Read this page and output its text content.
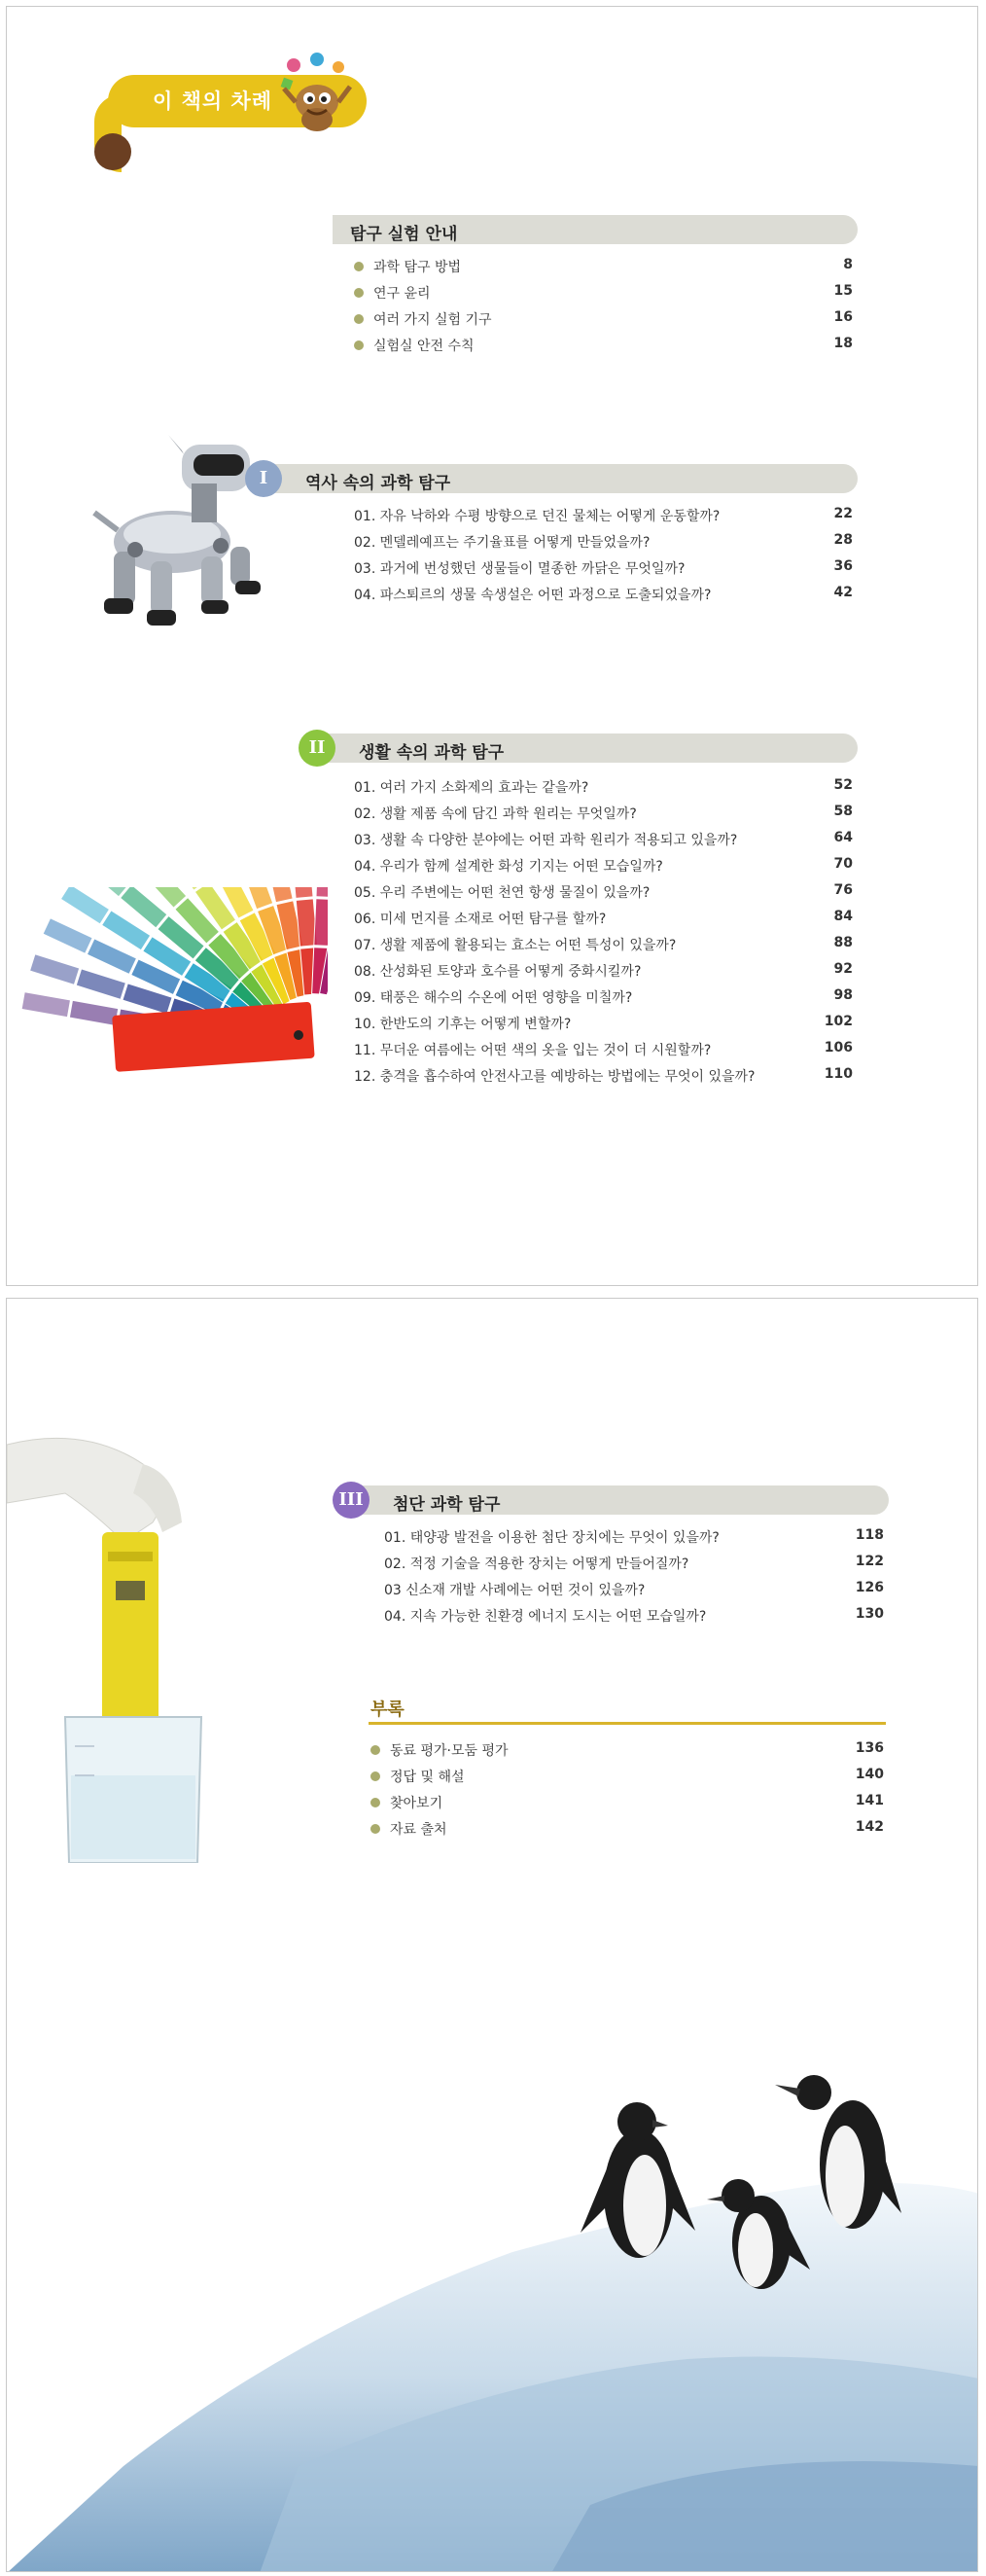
이 책의 차례
탐구 실험 안내
과학 탐구 방법	8
연구 윤리	15
여러 가지 실험 기구	16
실험실 안전 수칙	18
I	역사 속의 과학 탐구
01. 자유 낙하와 수평 방향으로 던진 물체는 어떻게 운동할까?	22
02. 멘델레예프는 주기율표를 어떻게 만들었을까?	28
03. 과거에 번성했던 생물들이 멸종한 까닭은 무엇일까?	36
04. 파스퇴르의 생물 속생설은 어떤 과정으로 도출되었을까?	42
II	생활 속의 과학 탐구
01. 여러 가지 소화제의 효과는 같을까?	52
02. 생활 제품 속에 담긴 과학 원리는 무엇일까?	58
03. 생활 속 다양한 분야에는 어떤 과학 원리가 적용되고 있을까?	64
04. 우리가 함께 설계한 화성 기지는 어떤 모습일까?	70
05. 우리 주변에는 어떤 천연 항생 물질이 있을까?	76
06. 미세 먼지를 소재로 어떤 탐구를 할까?	84
07. 생활 제품에 활용되는 효소는 어떤 특성이 있을까?	88
08. 산성화된 토양과 호수를 어떻게 중화시킬까?	92
09. 태풍은 해수의 수온에 어떤 영향을 미칠까?	98
10. 한반도의 기후는 어떻게 변할까?	102
11. 무더운 여름에는 어떤 색의 옷을 입는 것이 더 시원할까?	106
12. 충격을 흡수하여 안전사고를 예방하는 방법에는 무엇이 있을까?	110
III	첨단 과학 탐구
01. 태양광 발전을 이용한 첨단 장치에는 무엇이 있을까?	118
02. 적정 기술을 적용한 장치는 어떻게 만들어질까?	122
03 신소재 개발 사례에는 어떤 것이 있을까?	126
04. 지속 가능한 친환경 에너지 도시는 어떤 모습일까?	130
부록
동료 평가·모둠 평가	136
정답 및 해설	140
찾아보기	141
자료 출처	142
